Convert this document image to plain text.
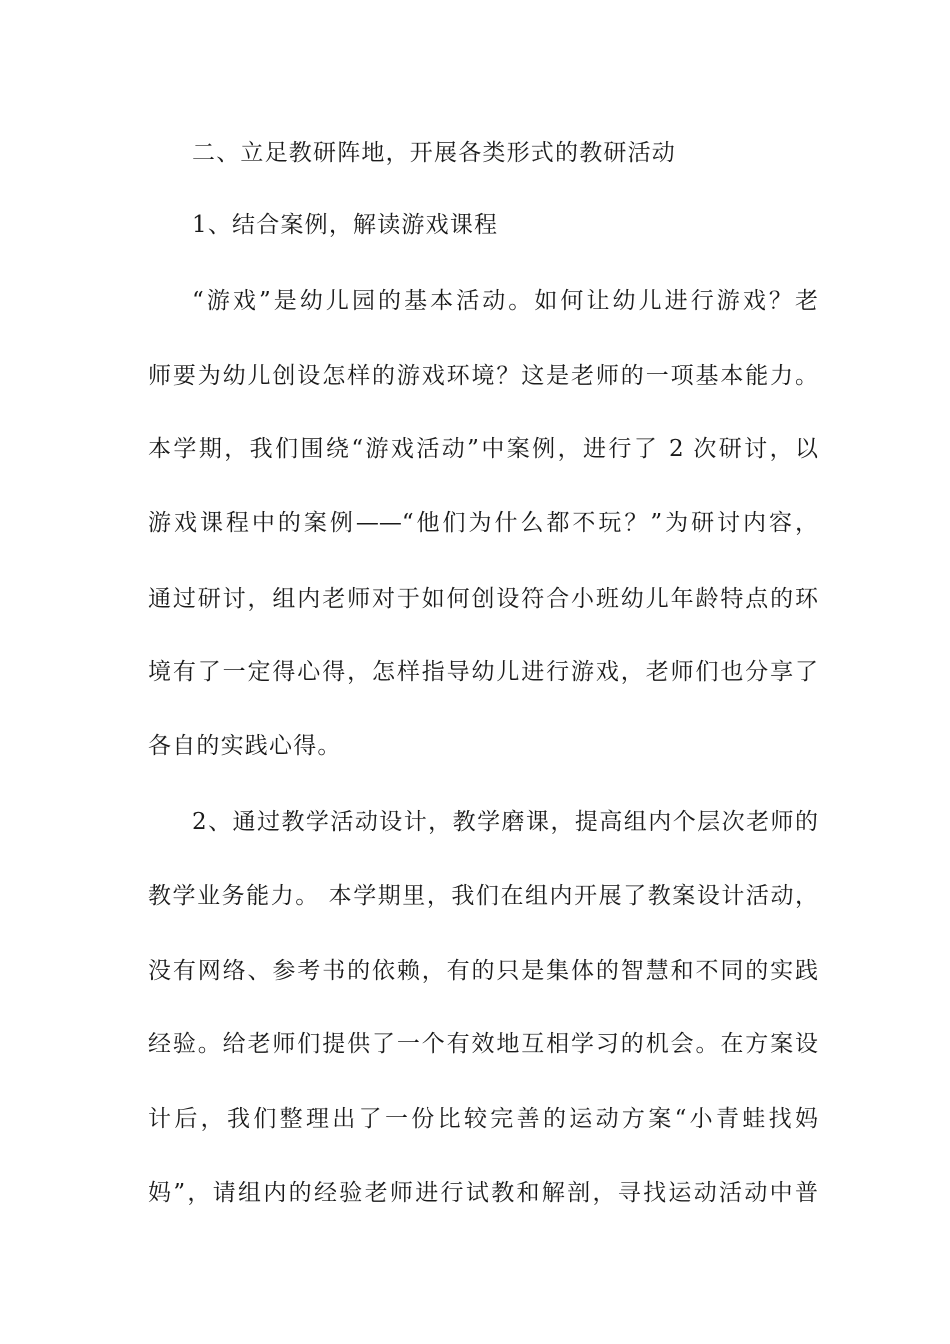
二、立足教研阵地，开展各类形式的教研活动
1、结合案例，解读游戏课程
“游戏”是幼儿园的基本活动。如何让幼儿进行游戏？老
师要为幼儿创设怎样的游戏环境？这是老师的一项基本能力。
本学期，我们围绕“游戏活动”中案例，进行了 2 次研讨，以
游戏课程中的案例——“他们为什么都不玩？”为研讨内容，
通过研讨，组内老师对于如何创设符合小班幼儿年龄特点的环
境有了一定得心得，怎样指导幼儿进行游戏，老师们也分享了
各自的实践心得。
2、通过教学活动设计，教学磨课，提高组内个层次老师的
教学业务能力。 本学期里，我们在组内开展了教案设计活动，
没有网络、参考书的依赖，有的只是集体的智慧和不同的实践
经验。给老师们提供了一个有效地互相学习的机会。在方案设
计后，我们整理出了一份比较完善的运动方案“小青蛙找妈
妈”，请组内的经验老师进行试教和解剖，寻找运动活动中普
